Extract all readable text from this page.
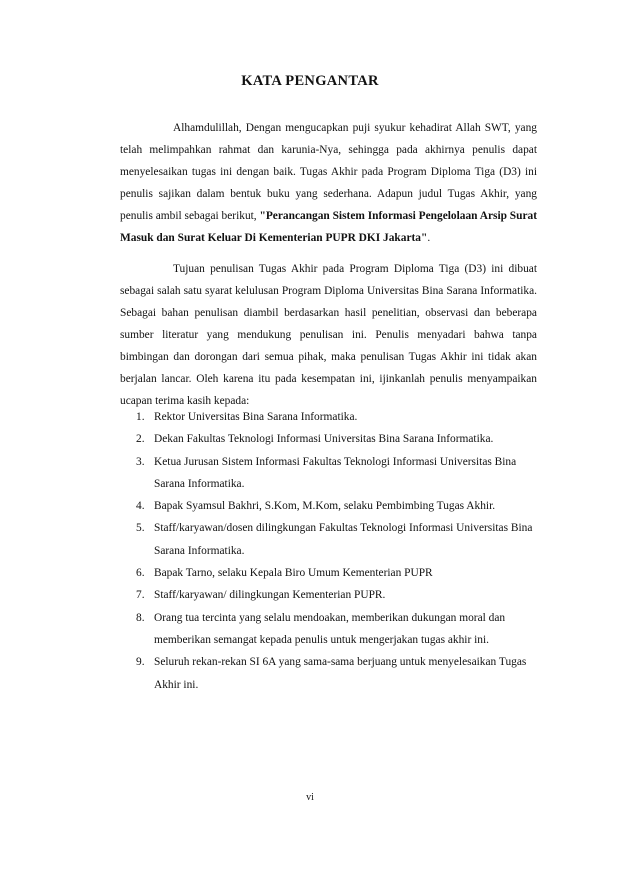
KATA PENGANTAR

Alhamdulillah, Dengan mengucapkan puji syukur kehadirat Allah SWT, yang telah melimpahkan rahmat dan karunia-Nya, sehingga pada akhirnya penulis dapat menyelesaikan tugas ini dengan baik. Tugas Akhir pada Program Diploma Tiga (D3) ini penulis sajikan dalam bentuk buku yang sederhana. Adapun judul Tugas Akhir, yang penulis ambil sebagai berikut, "Perancangan Sistem Informasi Pengelolaan Arsip Surat Masuk dan Surat Keluar Di Kementerian PUPR DKI Jakarta".

Tujuan penulisan Tugas Akhir pada Program Diploma Tiga (D3) ini dibuat sebagai salah satu syarat kelulusan Program Diploma Universitas Bina Sarana Informatika. Sebagai bahan penulisan diambil berdasarkan hasil penelitian, observasi dan beberapa sumber literatur yang mendukung penulisan ini. Penulis menyadari bahwa tanpa bimbingan dan dorongan dari semua pihak, maka penulisan Tugas Akhir ini tidak akan berjalan lancar. Oleh karena itu pada kesempatan ini, ijinkanlah penulis menyampaikan ucapan terima kasih kepada:

1. Rektor Universitas Bina Sarana Informatika.
2. Dekan Fakultas Teknologi Informasi Universitas Bina Sarana Informatika.
3. Ketua Jurusan Sistem Informasi Fakultas Teknologi Informasi Universitas Bina Sarana Informatika.
4. Bapak Syamsul Bakhri, S.Kom, M.Kom, selaku Pembimbing Tugas Akhir.
5. Staff/karyawan/dosen dilingkungan Fakultas Teknologi Informasi Universitas Bina Sarana Informatika.
6. Bapak Tarno, selaku Kepala Biro Umum Kementerian PUPR
7. Staff/karyawan/ dilingkungan Kementerian PUPR.
8. Orang tua tercinta yang selalu mendoakan, memberikan dukungan moral dan memberikan semangat kepada penulis untuk mengerjakan tugas akhir ini.
9. Seluruh rekan-rekan SI 6A yang sama-sama berjuang untuk menyelesaikan Tugas Akhir ini.
vi
